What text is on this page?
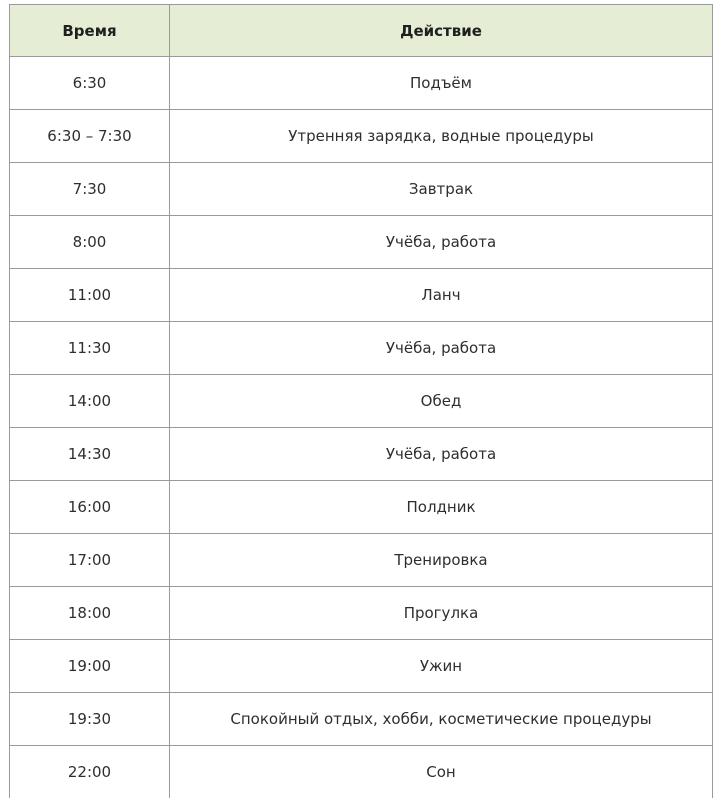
Время	Действие
6:30	Подъём
6:30 – 7:30	Утренняя зарядка, водные процедуры
7:30	Завтрак
8:00	Учёба, работа
11:00	Ланч
11:30	Учёба, работа
14:00	Обед
14:30	Учёба, работа
16:00	Полдник
17:00	Тренировка
18:00	Прогулка
19:00	Ужин
19:30	Спокойный отдых, хобби, косметические процедуры
22:00	Сон
